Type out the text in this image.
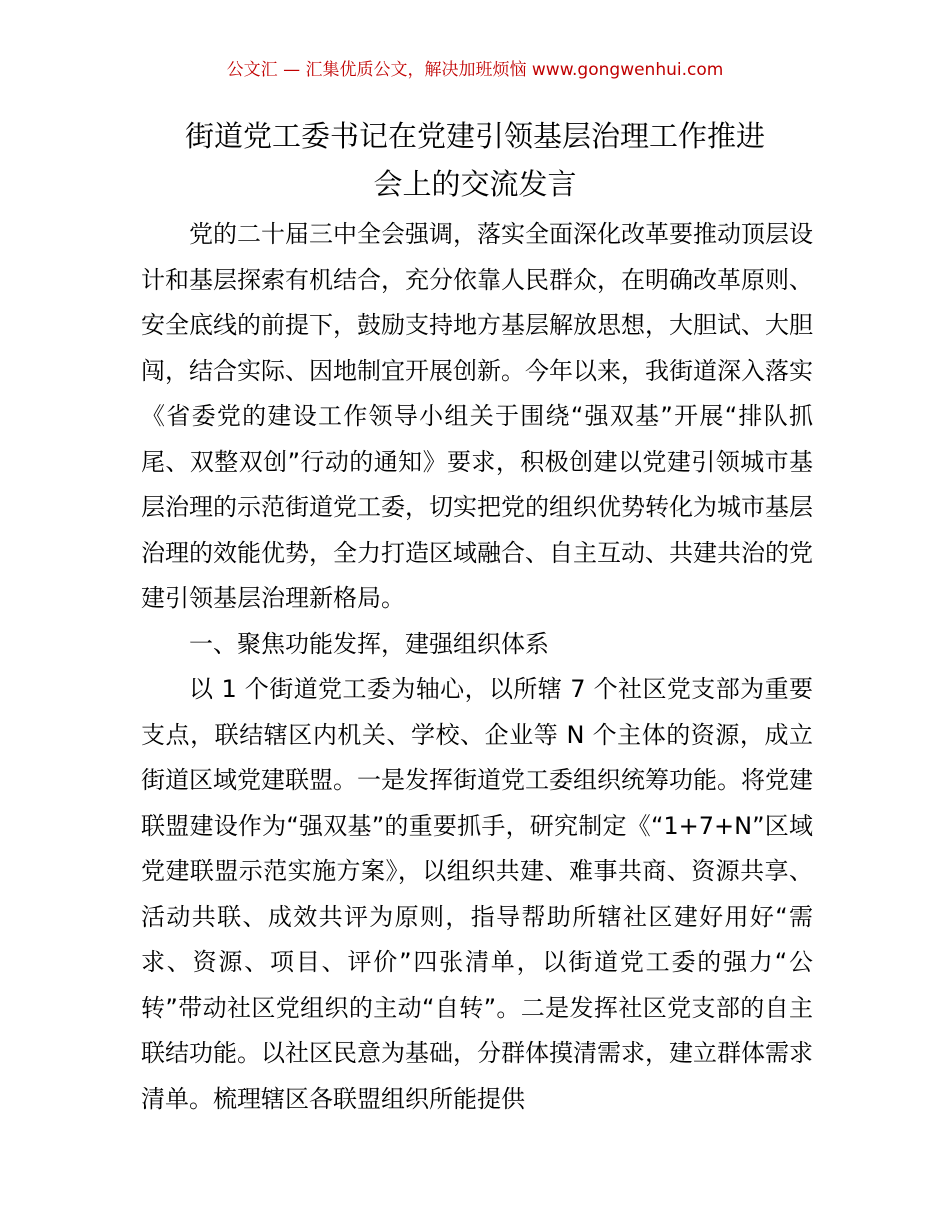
公文汇 — 汇集优质公文，解决加班烦恼 www.gongwenhui.com
街道党工委书记在党建引领基层治理工作推进
会上的交流发言

党的二十届三中全会强调，落实全面深化改革要推动顶层设计和基层探索有机结合，充分依靠人民群众，在明确改革原则、安全底线的前提下，鼓励支持地方基层解放思想，大胆试、大胆闯，结合实际、因地制宜开展创新。今年以来，我街道深入落实《省委党的建设工作领导小组关于围绕“强双基”开展“排队抓尾、双整双创”行动的通知》要求，积极创建以党建引领城市基层治理的示范街道党工委，切实把党的组织优势转化为城市基层治理的效能优势，全力打造区域融合、自主互动、共建共治的党建引领基层治理新格局。

一、聚焦功能发挥，建强组织体系

以 1 个街道党工委为轴心，以所辖 7 个社区党支部为重要支点，联结辖区内机关、学校、企业等 N 个主体的资源，成立街道区域党建联盟。一是发挥街道党工委组织统筹功能。将党建联盟建设作为“强双基”的重要抓手，研究制定《“1+7+N”区域党建联盟示范实施方案》，以组织共建、难事共商、资源共享、活动共联、成效共评为原则，指导帮助所辖社区建好用好“需求、资源、项目、评价”四张清单，以街道党工委的强力“公转”带动社区党组织的主动“自转”。二是发挥社区党支部的自主联结功能。以社区民意为基础，分群体摸清需求，建立群体需求清单。梳理辖区各联盟组织所能提供
